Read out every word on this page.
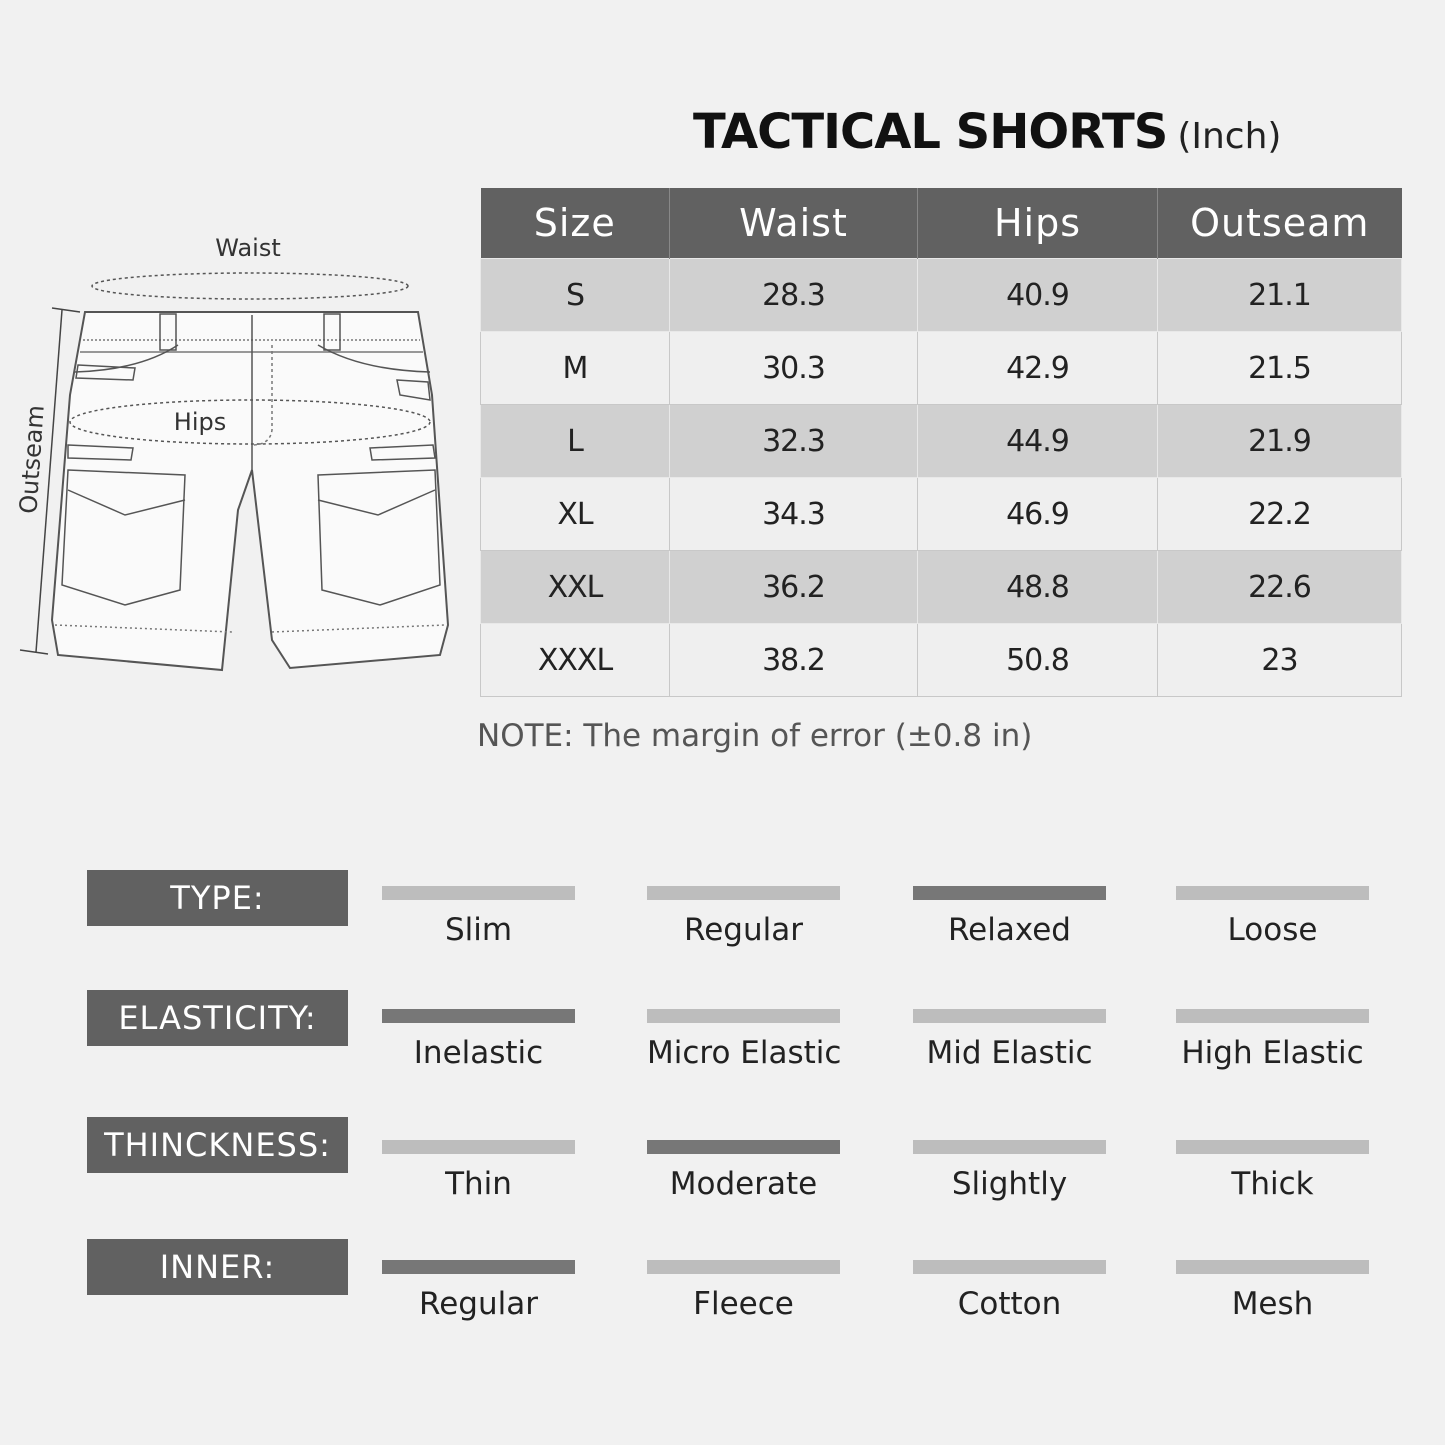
TACTICAL SHORTS (Inch)
Waist
Hips
Outseam
Size	Waist	Hips	Outseam
S	28.3	40.9	21.1
M	30.3	42.9	21.5
L	32.3	44.9	21.9
XL	34.3	46.9	22.2
XXL	36.2	48.8	22.6
XXXL	38.2	50.8	23
NOTE: The margin of error (±0.8 in)
TYPE:
Slim	Regular	Relaxed	Loose
ELASTICITY:
Inelastic	Micro Elastic	Mid Elastic	High Elastic
THINCKNESS:
Thin	Moderate	Slightly	Thick
INNER:
Regular	Fleece	Cotton	Mesh
